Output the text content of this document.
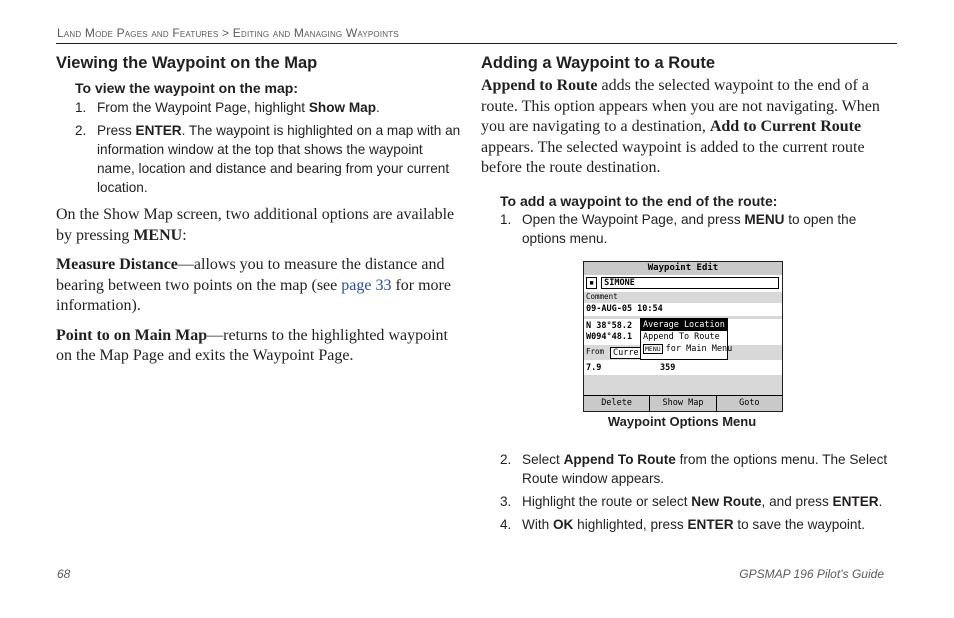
Land Mode Pages and Features > Editing and Managing Waypoints
Viewing the Waypoint on the Map
To view the waypoint on the map:
1. From the Waypoint Page, highlight Show Map.
2. Press ENTER. The waypoint is highlighted on a map with an information window at the top that shows the waypoint name, location and distance and bearing from your current location.

On the Show Map screen, two additional options are available by pressing MENU:

Measure Distance—allows you to measure the distance and bearing between two points on the map (see page 33 for more information).

Point to on Main Map—returns to the highlighted waypoint on the Map Page and exits the Waypoint Page.

Adding a Waypoint to a Route

Append to Route adds the selected waypoint to the end of a route. This option appears when you are not navigating. When you are navigating to a destination, Add to Current Route appears. The selected waypoint is added to the current route before the route destination.

To add a waypoint to the end of the route:
1. Open the Waypoint Page, and press MENU to open the options menu.
Waypoint Edit
▪	SIMONE
Comment
09-AUG-05 10:54
N 38°58.2
W094°48.1
From	Curre
7.9	359
Average Location
Append To Route
MENU for Main Menu
Delete	Show Map	Goto
Waypoint Options Menu
2. Select Append To Route from the options menu. The Select Route window appears.
3. Highlight the route or select New Route, and press ENTER.
4. With OK highlighted, press ENTER to save the waypoint.
68	GPSMAP 196 Pilot’s Guide
